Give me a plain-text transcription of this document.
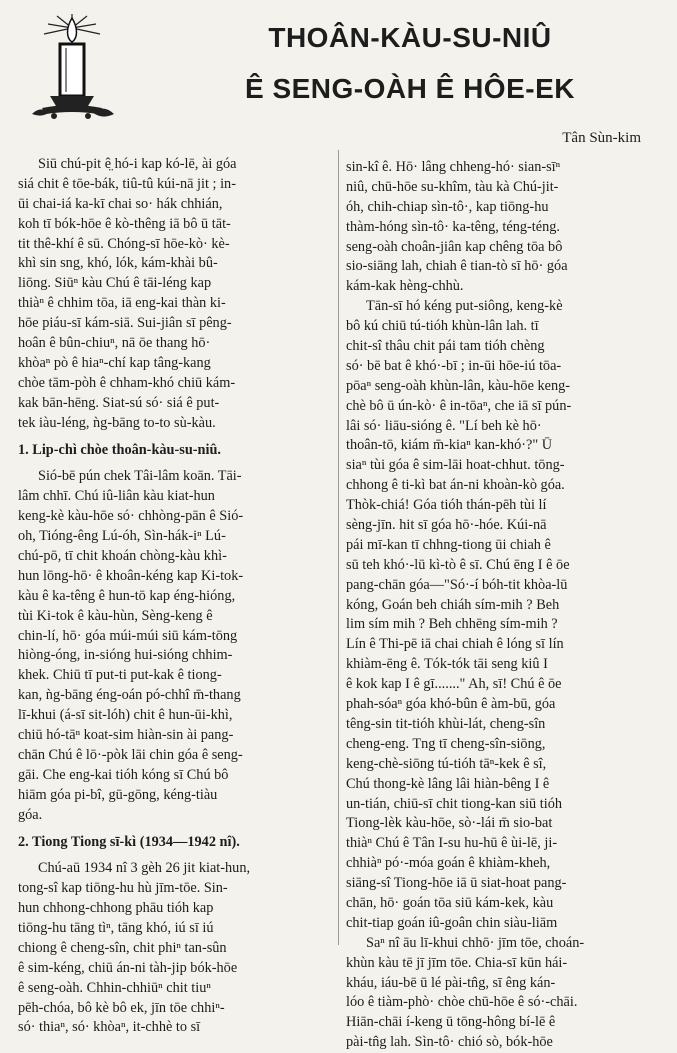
THOÂN-KÀU-SU-NIÛ
Ê SENG-OÀH Ê HÔE-EK
Tân Sùn-kim
Siū chú-pit ê̤ hó-i kap kó-lē, ài góa
siá chit ê tōe-bák, tiû-tû kúi-nā jit ; in-
ūi chai-iá ka-kī chai so· hák chhián,
koh tī bók-hōe ê kò-thêng iā bô ū tāt-
tit thê-khí ê sū. Chóng-sī hōe-kò· kè-
khì sin sng, khó, lók, kám-khài bû-
liōng. Siūⁿ kàu Chú ê tāi-léng kap
thiàⁿ ê chhim tōa, iā eng-kai thàn ki-
hōe piáu-sī kám-siā. Sui-jiân sī pêng-
hoân ê bûn-chiuⁿ, nā ōe thang hō·
khòaⁿ pò ê hiaⁿ-chí kap tâng-kang
chòe tām-pòh ê chham-khó chiū kám-
kak bān-hēng. Siat-sú só· siá ê put-
tek iàu-léng, ǹg-bāng to-to sù-kàu.
1. Lip-chì chòe thoân-kàu-su-niû.
Sió-bē pún chek Tâi-lâm koān. Tāi-
lâm chhī. Chú iû-liân kàu kiat-hun
keng-kè kàu-hōe só· chhòng-pān ê Sió-
oh, Tióng-êng Lú-óh, Sìn-hák-iⁿ Lú-
chú-pō, tī chit khoán chòng-kàu khì-
hun lōng-hō· ê khoân-kéng kap Ki-tok-
kàu ê ka-têng ê hun-tō kap éng-hióng,
tùi Ki-tok ê kàu-hùn, Sèng-keng ê
chin-lí, hō· góa múi-múi siū kám-tōng
hiòng-óng, in-sióng hui-sióng chhim-
khek. Chiū tī put-ti put-kak ê tiong-
kan, ǹg-bāng éng-oán pó-chhî m̄-thang
lī-khui (á-sī sit-lóh) chit ê hun-ūi-khì,
chiū hó-tāⁿ koat-sim hiàn-sin ài pang-
chān Chú ê lō·-pòk lāi chin góa ê seng-
gāi. Che eng-kai tióh kóng sī Chú bô
hiām góa pi-bî, gū-gōng, kéng-tiàu
góa.
2. Tiong Tiong sī-kì (1934—1942 nî).
Chú-aū 1934 nî 3 gèh 26 jit kiat-hun,
tong-sî kap tiōng-hu hù jīm-tōe. Sin-
hun chhong-chhong phāu tióh kap
tiōng-hu tāng tìⁿ, tāng khó, iú sī iú
chiong ê cheng-sîn, chit phiⁿ tan-sûn
ê sim-kéng, chiū án-ni tàh-jip bók-hōe
ê seng-oàh. Chhin-chhiūⁿ chit tiuⁿ
pēh-chóa, bô kè bô ek, jīn tōe chhiⁿ-
só· thiaⁿ, só· khòaⁿ, it-chhè to sī
sin-kî ê. Hō· lâng chheng-hó· sian-sīⁿ
niû, chū-hōe su-khîm, tàu kà Chú-jit-
óh, chih-chiap sìn-tô·, kap tiōng-hu
thàm-hóng sìn-tô· ka-têng, téng-téng.
seng-oàh choân-jiân kap chêng tōa bô
sio-siāng lah, chiah ê tian-tò sī hō· góa
kám-kak hèng-chhù.
Tān-sī hó kéng put-siông, keng-kè
bô kú chiū tú-tióh khùn-lân lah. tī
chit-sî thâu chit pái tam tióh chèng
só· bē bat ê khó·-bī ; in-ūi hōe-iú tōa-
pōaⁿ seng-oàh khùn-lân, kàu-hōe keng-
chè bô ū ún-kò· ê in-tōaⁿ, che iā sī pún-
lâi só· liāu-sióng ê. "Lí beh kè hō·
thoân-tō, kiám m̄-kiaⁿ kan-khó·?" Ū
siaⁿ tùi góa ê sim-lāi hoat-chhut. tōng-
chhong ê ti-kì bat án-ni khoàn-kò góa.
Thòk-chiá! Góa tióh thán-pēh tùi lí
sèng-jīn. hit sī góa hō·-hóe. Kúi-nā
pái mī-kan tī chhng-tiong ūi chiah ê
sū teh khó·-lū kì-tò ê sī. Chú ēng I ê ōe
pang-chān góa—"Só·-í bóh-tit khòa-lū
kóng, Goán beh chiáh sím-mih ? Beh
lim sím mih ? Beh chhēng sím-mih ?
Lín ê Thi-pē iā chai chiah ê lóng sī lín
khiàm-ēng ê. Tók-tók tāi seng kiû I
ê kok kap I ê gī......." Ah, sī! Chú ê ōe
phah-sóaⁿ góa khó-bûn ê àm-bū, góa
têng-sin tit-tióh khùi-lát, cheng-sîn
cheng-eng. Tng tī cheng-sîn-siōng,
keng-chè-siōng tú-tióh tāⁿ-kek ê sî,
Chú thong-kè lâng lâi hiàn-bêng I ê
un-tián, chiū-sī chit tiong-kan siū tióh
Tiong-lèk kàu-hōe, sò·-lái m̄ sio-bat
thiàⁿ Chú ê Tân I-su hu-hū ê ùi-lē, ji-
chhiàⁿ pó·-móa goán ê khiàm-kheh,
siāng-sî Tiong-hōe iā ū siat-hoat pang-
chān, hō· goán tōa siū kám-kek, kàu
chit-tiap goán iû-goân chin siàu-liām
Saⁿ nî āu lī-khui chhō· jīm tōe, choán-
khùn kàu tē jī jīm tōe. Chia-sī kūn hái-
kháu, iáu-bē ū lé pài-tn̂g, sī êng kán-
lóo ê tiàm-phò· chòe chū-hōe ê só·-chāi.
Hiān-chāi í-keng ū tōng-hông bí-lē ê
pài-tn̂g lah. Sìn-tô· chió sò, bók-hōe
